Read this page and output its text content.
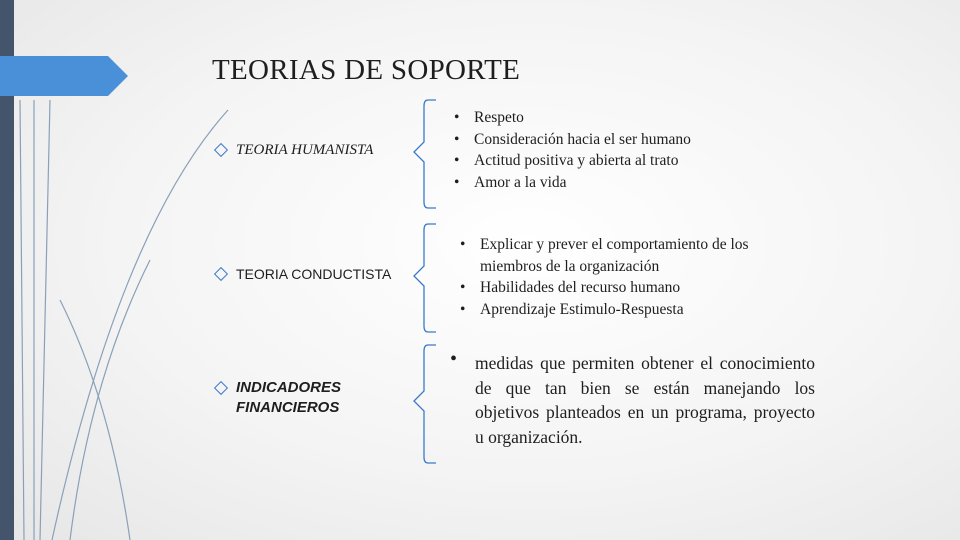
TEORIAS DE SOPORTE
TEORIA HUMANISTA
• Respeto
• Consideración hacia el ser humano
• Actitud positiva y abierta al trato
• Amor a la vida
TEORIA CONDUCTISTA
• Explicar y prever el comportamiento de los miembros de la organización
• Habilidades del recurso humano
• Aprendizaje Estimulo-Respuesta
INDICADORES
FINANCIEROS
• medidas que permiten obtener el conocimiento de que tan bien se están manejando los objetivos planteados en un programa, proyecto u organización.
